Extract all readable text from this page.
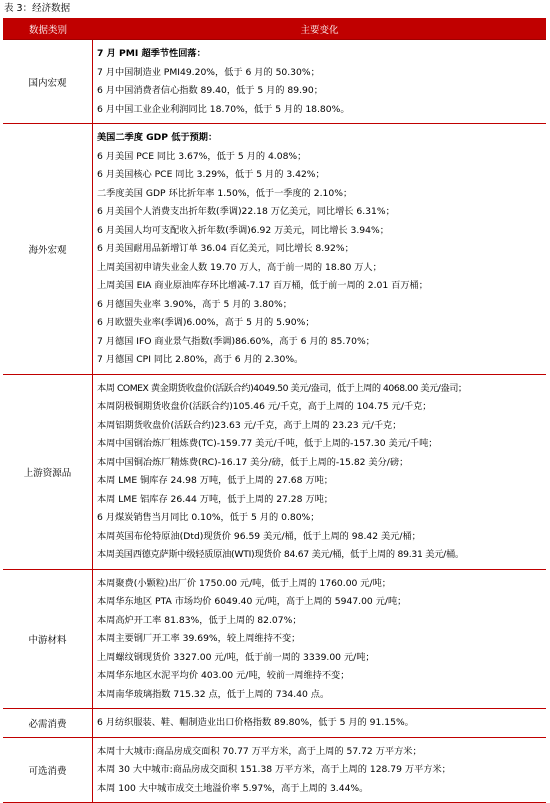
表 3：经济数据
数据类别	主要变化
国内宏观
7 月 PMI 超季节性回落：
7 月中国制造业 PMI49.20%，低于 6 月的 50.30%；
6 月中国消费者信心指数 89.40，低于 5 月的 89.90；
6 月中国工业企业利润同比 18.70%，低于 5 月的 18.80%。
海外宏观
美国二季度 GDP 低于预期：
6 月美国 PCE 同比 3.67%，低于 5 月的 4.08%；
6 月美国核心 PCE 同比 3.29%，低于 5 月的 3.42%；
二季度美国 GDP 环比折年率 1.50%，低于一季度的 2.10%；
6 月美国个人消费支出折年数(季调)22.18 万亿美元，同比增长 6.31%；
6 月美国人均可支配收入折年数(季调)6.92 万美元，同比增长 3.94%；
6 月美国耐用品新增订单 36.04 百亿美元，同比增长 8.92%；
上周美国初申请失业金人数 19.70 万人，高于前一周的 18.80 万人；
上周美国 EIA 商业原油库存环比增减-7.17 百万桶，低于前一周的 2.01 百万桶；
6 月德国失业率 3.90%，高于 5 月的 3.80%；
6 月欧盟失业率(季调)6.00%，高于 5 月的 5.90%；
7 月德国 IFO 商业景气指数(季调)86.60%，高于 6 月的 85.70%；
7 月德国 CPI 同比 2.80%，高于 6 月的 2.30%。
上游资源品
本周 COMEX 黄金期货收盘价(活跃合约)4049.50 美元/盎司，低于上周的 4068.00 美元/盎司；
本周阴极铜期货收盘价(活跃合约)105.46 元/千克，高于上周的 104.75 元/千克；
本周铝期货收盘价(活跃合约)23.63 元/千克，高于上周的 23.23 元/千克；
本周中国钢治炼厂粗炼费(TC)-159.77 美元/千吨，低于上周的-157.30 美元/千吨；
本周中国铜冶炼厂精炼费(RC)-16.17 美分/磅，低于上周的-15.82 美分/磅；
本周 LME 铜库存 24.98 万吨，低于上周的 27.68 万吨；
本周 LME 铝库存 26.44 万吨，低于上周的 27.28 万吨；
6 月煤炭销售当月同比 0.10%，低于 5 月的 0.80%；
本周英国布伦特原油(Dtd)现货价 96.59 美元/桶，低于上周的 98.42 美元/桶；
本周美国西德克萨斯中级轻质原油(WTI)现货价 84.67 美元/桶，低于上周的 89.31 美元/桶。
中游材料
本周聚费(小颗粒)出厂价 1750.00 元/吨，低于上周的 1760.00 元/吨；
本周华东地区 PTA 市场均价 6049.40 元/吨，高于上周的 5947.00 元/吨；
本周高炉开工率 81.83%，低于上周的 82.07%；
本周主要钢厂开工率 39.69%，较上周维持不变；
上周螺纹钢现货价 3327.00 元/吨，低于前一周的 3339.00 元/吨；
本周华东地区水泥平均价 403.00 元/吨，较前一周维持不变；
本周南华玻璃指数 715.32 点，低于上周的 734.40 点。
必需消费	6 月纺织服装、鞋、帽制造业出口价格指数 89.80%，低于 5 月的 91.15%。
可选消费
本周十大城市:商品房成交面积 70.77 万平方米，高于上周的 57.72 万平方米；
本周 30 大中城市:商品房成交面积 151.38 万平方米，高于上周的 128.79 万平方米；
本周 100 大中城市成交土地溢价率 5.97%，高于上周的 3.44%。
